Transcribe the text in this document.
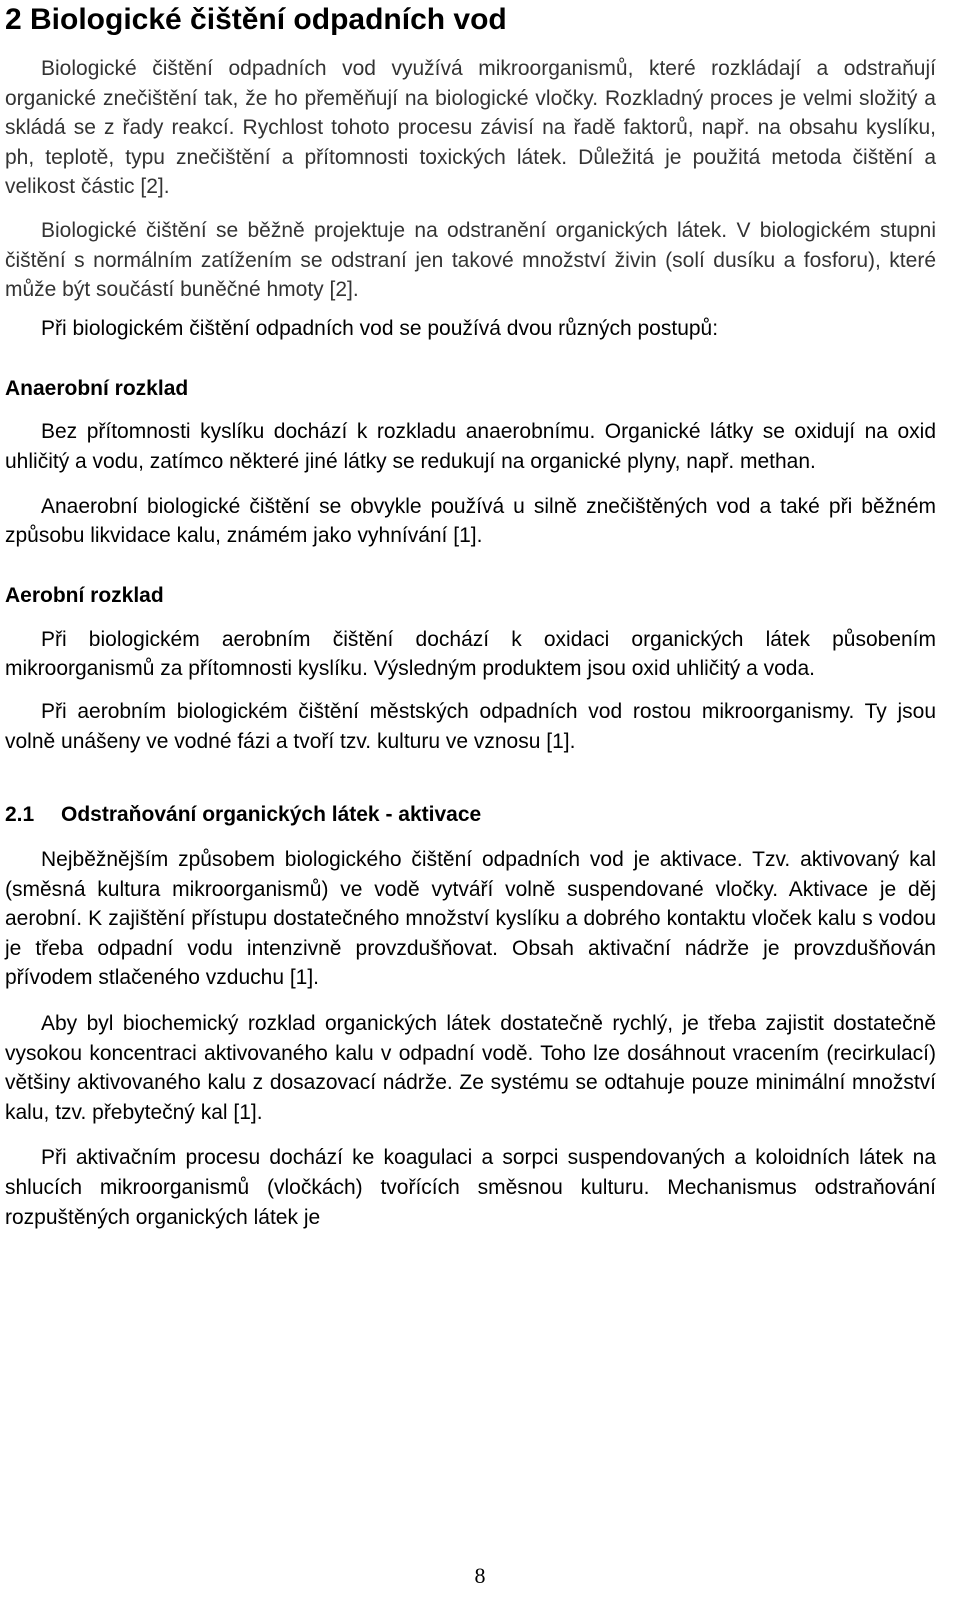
2 Biologické čištění odpadních vod

Biologické čištění odpadních vod využívá mikroorganismů, které rozkládají a odstraňují organické znečištění tak, že ho přeměňují na biologické vločky. Rozkladný proces je velmi složitý a skládá se z řady reakcí. Rychlost tohoto procesu závisí na řadě faktorů, např. na obsahu kyslíku, ph, teplotě, typu znečištění a přítomnosti toxických látek. Důležitá je použitá metoda čištění a velikost částic [2].

Biologické čištění se běžně projektuje na odstranění organických látek. V biologickém stupni čištění s normálním zatížením se odstraní jen takové množství živin (solí dusíku a fosforu), které může být součástí buněčné hmoty [2].

Při biologickém čištění odpadních vod se používá dvou různých postupů:

Anaerobní rozklad

Bez přítomnosti kyslíku dochází k rozkladu anaerobnímu. Organické látky se oxidují na oxid uhličitý a vodu, zatímco některé jiné látky se redukují na organické plyny, např. methan.

Anaerobní biologické čištění se obvykle používá u silně znečištěných vod a také při běžném způsobu likvidace kalu, známém jako vyhnívání [1].

Aerobní rozklad

Při biologickém aerobním čištění dochází k oxidaci organických látek působením mikroorganismů za přítomnosti kyslíku. Výsledným produktem jsou oxid uhličitý a voda.

Při aerobním biologickém čištění městských odpadních vod rostou mikroorganismy. Ty jsou volně unášeny ve vodné fázi a tvoří tzv. kulturu ve vznosu [1].

2.1 Odstraňování organických látek - aktivace

Nejběžnějším způsobem biologického čištění odpadních vod je aktivace. Tzv. aktivovaný kal (směsná kultura mikroorganismů) ve vodě vytváří volně suspendované vločky. Aktivace je děj aerobní. K zajištění přístupu dostatečného množství kyslíku a dobrého kontaktu vloček kalu s vodou je třeba odpadní vodu intenzivně provzdušňovat. Obsah aktivační nádrže je provzdušňován přívodem stlačeného vzduchu [1].

Aby byl biochemický rozklad organických látek dostatečně rychlý, je třeba zajistit dostatečně vysokou koncentraci aktivovaného kalu v odpadní vodě. Toho lze dosáhnout vracením (recirkulací) většiny aktivovaného kalu z dosazovací nádrže. Ze systému se odtahuje pouze minimální množství kalu, tzv. přebytečný kal [1].

Při aktivačním procesu dochází ke koagulaci a sorpci suspendovaných a koloidních látek na shlucích mikroorganismů (vločkách) tvořících směsnou kulturu. Mechanismus odstraňování rozpuštěných organických látek je

8
